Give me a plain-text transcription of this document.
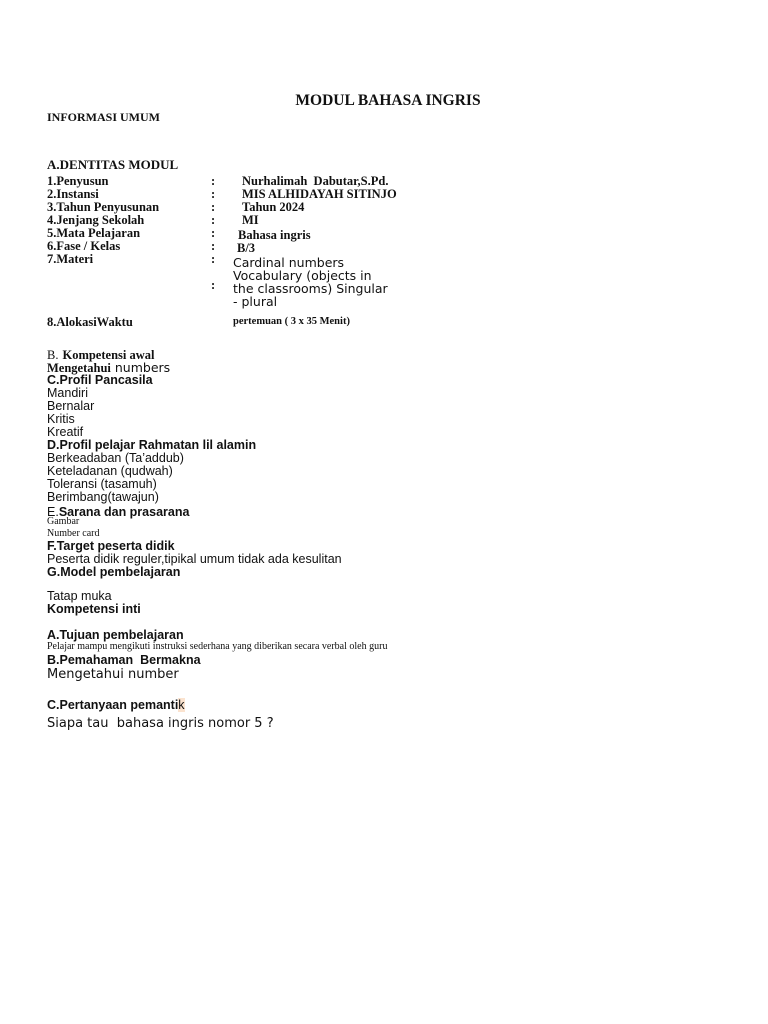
MODUL BAHASA INGRIS
INFORMASI UMUM
A.DENTITAS MODUL
1.Penyusun	: Nurhalimah  Dabutar,S.Pd.
2.Instansi	: MIS ALHIDAYAH SITINJO
3.Tahun Penyusunan	: Tahun 2024
4.Jenjang Sekolah	: MI
5.Mata Pelajaran	: Bahasa ingris
6.Fase / Kelas	: B/3
7.Materi	:
:
Cardinal numbers
Vocabulary (objects in
the classrooms) Singular
- plural
8.AlokasiWaktu	pertemuan ( 3 x 35 Menit)
B. Kompetensi awal
Mengetahui numbers
C.Profil Pancasila
Mandiri
Bernalar
Kritis
Kreatif
D.Profil pelajar Rahmatan lil alamin
Berkeadaban (Ta’addub)
Keteladanan (qudwah)
Toleransi (tasamuh)
Berimbang(tawajun)
E.Sarana dan prasarana
Gambar
Number card
F.Target peserta didik
Peserta didik reguler,tipikal umum tidak ada kesulitan
G.Model pembelajaran
Tatap muka
Kompetensi inti
A.Tujuan pembelajaran
Pelajar mampu mengikuti instruksi sederhana yang diberikan secara verbal oleh guru
B.Pemahaman  Bermakna
Mengetahui number
C.Pertanyaan pemantik
Siapa tau  bahasa ingris nomor 5 ?
